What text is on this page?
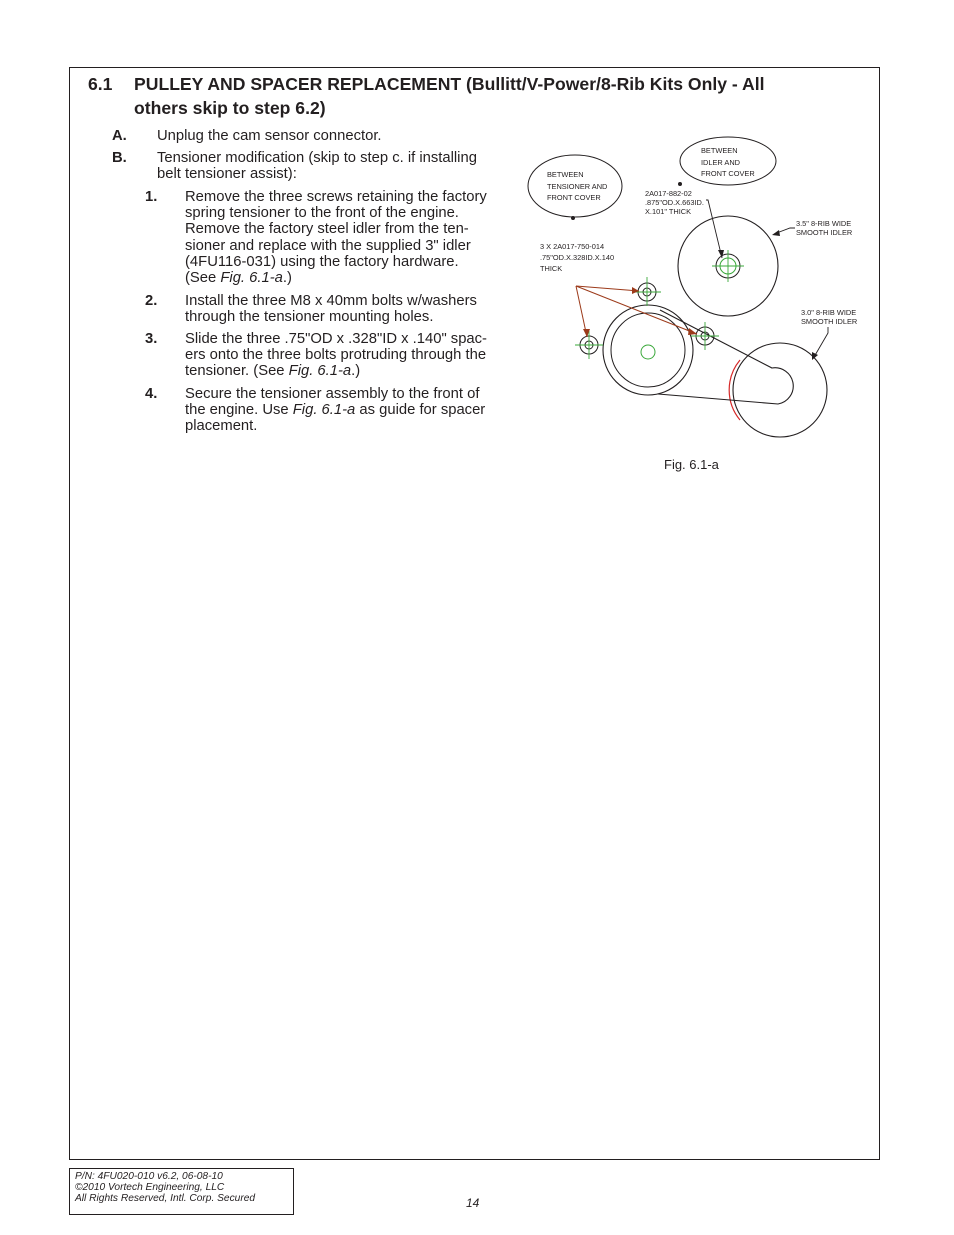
6.1 PULLEY AND SPACER REPLACEMENT (Bullitt/V-Power/8-Rib Kits Only - All
others skip to step 6.2)
A. Unplug the cam sensor connector.
B. Tensioner modification (skip to step c. if installing
belt tensioner assist):
1. Remove the three screws retaining the factory
spring tensioner to the front of the engine.
Remove the factory steel idler from the ten-
sioner and replace with the supplied 3" idler
(4FU116-031) using the factory hardware.
(See Fig. 6.1-a.)
2. Install the three M8 x 40mm bolts w/washers
through the tensioner mounting holes.
3. Slide the three .75"OD x .328"ID x .140" spac-
ers onto the three bolts protruding through the
tensioner. (See Fig. 6.1-a.)
4. Secure the tensioner assembly to the front of
the engine. Use Fig. 6.1-a as guide for spacer
placement.
BETWEEN
TENSIONER AND
FRONT COVER
BETWEEN
IDLER AND
FRONT COVER
2A017-882-02
.875"OD.X.663ID.
X.101" THICK
3.5" 8-RIB WIDE
SMOOTH IDLER
3.0" 8-RIB WIDE
SMOOTH IDLER
3 X 2A017-750-014
.75"OD.X.328ID.X.140
THICK
Fig. 6.1-a
P/N: 4FU020-010 v6.2, 06-08-10
©2010 Vortech Engineering, LLC
All Rights Reserved, Intl. Corp. Secured	14
